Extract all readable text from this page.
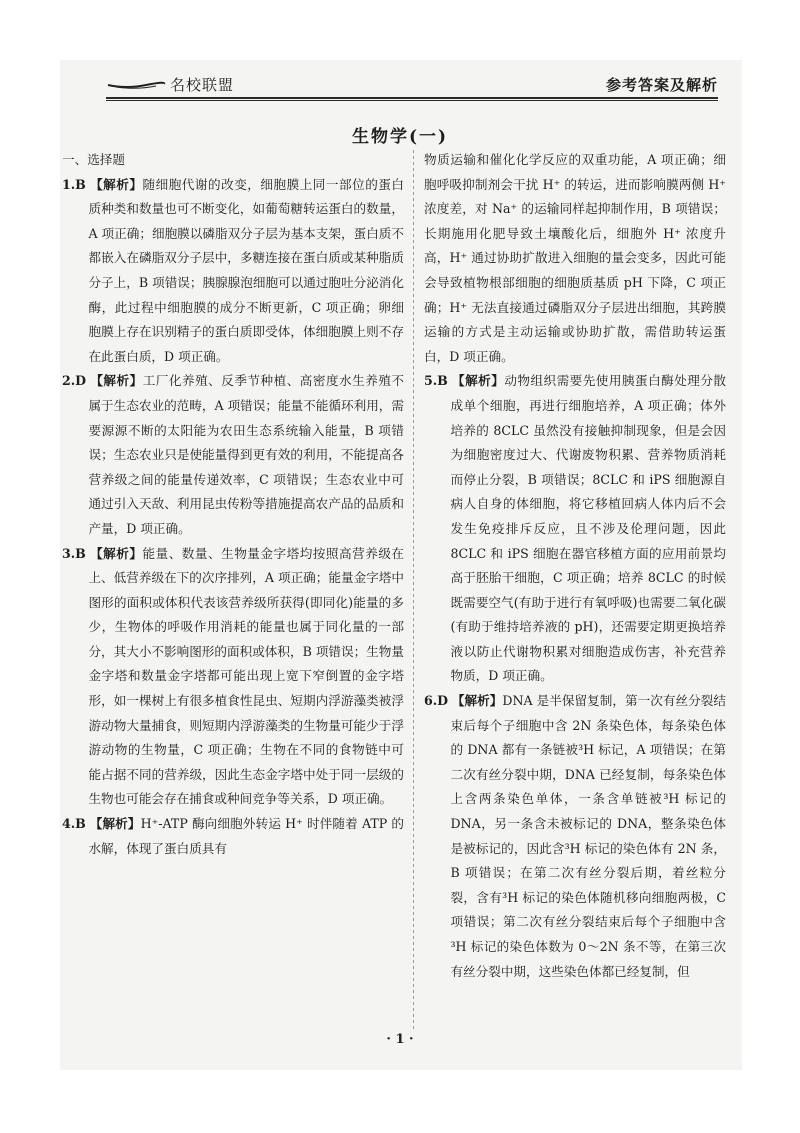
名校联盟	参考答案及解析
生物学(一)
一、选择题
1.B 【解析】随细胞代谢的改变，细胞膜上同一部位的蛋白质种类和数量也可不断变化，如葡萄糖转运蛋白的数量，A 项正确；细胞膜以磷脂双分子层为基本支架，蛋白质不都嵌入在磷脂双分子层中，多糖连接在蛋白质或某种脂质分子上，B 项错误；胰腺腺泡细胞可以通过胞吐分泌消化酶，此过程中细胞膜的成分不断更新，C 项正确；卵细胞膜上存在识别精子的蛋白质即受体，体细胞膜上则不存在此蛋白质，D 项正确。
2.D 【解析】工厂化养殖、反季节种植、高密度水生养殖不属于生态农业的范畴，A 项错误；能量不能循环利用，需要源源不断的太阳能为农田生态系统输入能量，B 项错误；生态农业只是使能量得到更有效的利用，不能提高各营养级之间的能量传递效率，C 项错误；生态农业中可通过引入天敌、利用昆虫传粉等措施提高农产品的品质和产量，D 项正确。
3.B 【解析】能量、数量、生物量金字塔均按照高营养级在上、低营养级在下的次序排列，A 项正确；能量金字塔中图形的面积或体积代表该营养级所获得(即同化)能量的多少，生物体的呼吸作用消耗的能量也属于同化量的一部分，其大小不影响图形的面积或体积，B 项错误；生物量金字塔和数量金字塔都可能出现上宽下窄倒置的金字塔形，如一棵树上有很多植食性昆虫、短期内浮游藻类被浮游动物大量捕食，则短期内浮游藻类的生物量可能少于浮游动物的生物量，C 项正确；生物在不同的食物链中可能占据不同的营养级，因此生态金字塔中处于同一层级的生物也可能会存在捕食或种间竞争等关系，D 项正确。
4.B 【解析】H⁺-ATP 酶向细胞外转运 H⁺ 时伴随着 ATP 的水解，体现了蛋白质具有
物质运输和催化化学反应的双重功能，A 项正确；细胞呼吸抑制剂会干扰 H⁺ 的转运，进而影响膜两侧 H⁺ 浓度差，对 Na⁺ 的运输同样起抑制作用，B 项错误；长期施用化肥导致土壤酸化后，细胞外 H⁺ 浓度升高，H⁺ 通过协助扩散进入细胞的量会变多，因此可能会导致植物根部细胞的细胞质基质 pH 下降，C 项正确；H⁺ 无法直接通过磷脂双分子层进出细胞，其跨膜运输的方式是主动运输或协助扩散，需借助转运蛋白，D 项正确。
5.B 【解析】动物组织需要先使用胰蛋白酶处理分散成单个细胞，再进行细胞培养，A 项正确；体外培养的 8CLC 虽然没有接触抑制现象，但是会因为细胞密度过大、代谢废物积累、营养物质消耗而停止分裂，B 项错误；8CLC 和 iPS 细胞源自病人自身的体细胞，将它移植回病人体内后不会发生免疫排斥反应，且不涉及伦理问题，因此 8CLC 和 iPS 细胞在器官移植方面的应用前景均高于胚胎干细胞，C 项正确；培养 8CLC 的时候既需要空气(有助于进行有氧呼吸)也需要二氧化碳(有助于维持培养液的 pH)，还需要定期更换培养液以防止代谢物积累对细胞造成伤害，补充营养物质，D 项正确。
6.D 【解析】DNA 是半保留复制，第一次有丝分裂结束后每个子细胞中含 2N 条染色体，每条染色体的 DNA 都有一条链被³H 标记，A 项错误；在第二次有丝分裂中期，DNA 已经复制，每条染色体上含两条染色单体，一条含单链被³H 标记的 DNA，另一条含未被标记的 DNA，整条染色体是被标记的，因此含³H 标记的染色体有 2N 条，B 项错误；在第二次有丝分裂后期，着丝粒分裂，含有³H 标记的染色体随机移向细胞两极，C 项错误；第二次有丝分裂结束后每个子细胞中含³H 标记的染色体数为 0～2N 条不等，在第三次有丝分裂中期，这些染色体都已经复制，但
· 1 ·
